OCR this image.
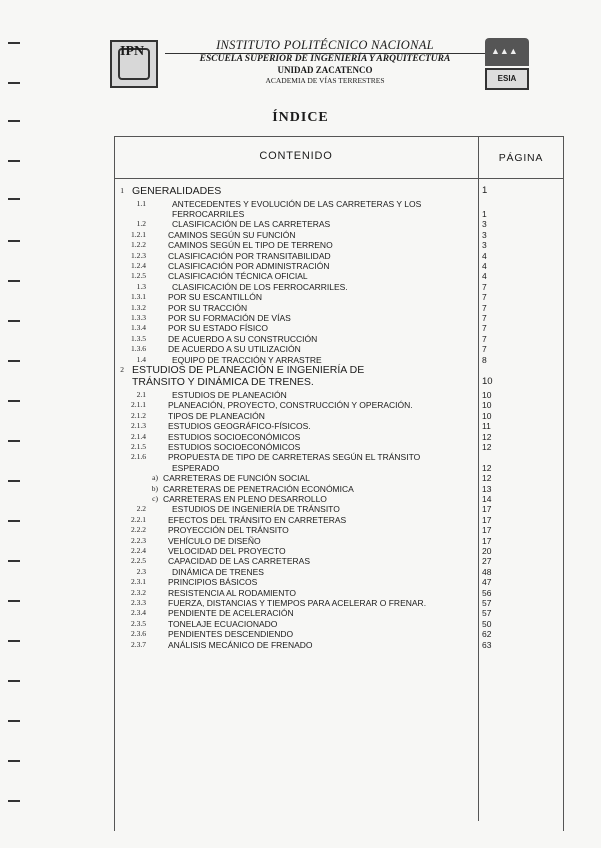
IPN	INSTITUTO POLITÉCNICO NACIONAL
ESCUELA SUPERIOR DE INGENIERÍA Y ARQUITECTURA
UNIDAD ZACATENCO
ACADEMIA DE VÍAS TERRESTRES
▲▲▲
ESIA
ÍNDICE
CONTENIDO	PÁGINA
1 GENERALIDADES	1
1.1	ANTECEDENTES Y EVOLUCIÓN DE LAS CARRETERAS Y LOS
FERROCARRILES	1
1.2	CLASIFICACIÓN DE LAS CARRETERAS	3
1.2.1	CAMINOS SEGÚN SU FUNCIÓN	3
1.2.2	CAMINOS SEGÚN EL TIPO DE TERRENO	3
1.2.3	CLASIFICACIÓN POR TRANSITABILIDAD	4
1.2.4	CLASIFICACIÓN POR ADMINISTRACIÓN	4
1.2.5	CLASIFICACIÓN TÉCNICA OFICIAL	4
1.3	CLASIFICACIÓN DE LOS FERROCARRILES.	7
1.3.1	POR SU ESCANTILLÓN	7
1.3.2	POR SU TRACCIÓN	7
1.3.3	POR SU FORMACIÓN DE VÍAS	7
1.3.4	POR SU ESTADO FÍSICO	7
1.3.5	DE ACUERDO A SU CONSTRUCCIÓN	7
1.3.6	DE ACUERDO A SU UTILIZACIÓN	7
1.4	EQUIPO DE TRACCIÓN Y ARRASTRE	8
2 ESTUDIOS DE PLANEACIÓN E INGENIERÍA DE
TRÁNSITO Y DINÁMICA DE TRENES.	10
2.1	ESTUDIOS DE PLANEACIÓN	10
2.1.1	PLANEACIÓN, PROYECTO, CONSTRUCCIÓN Y OPERACIÓN.	10
2.1.2	TIPOS DE PLANEACIÓN	10
2.1.3	ESTUDIOS GEOGRÁFICO-FÍSICOS.	11
2.1.4	ESTUDIOS SOCIOECONÓMICOS	12
2.1.5	ESTUDIOS SOCIOECONÓMICOS	12
2.1.6	PROPUESTA DE TIPO DE CARRETERAS SEGÚN EL TRÁNSITO
ESPERADO	12
a) CARRETERAS DE FUNCIÓN SOCIAL	12
b) CARRETERAS DE PENETRACIÓN ECONÓMICA	13
c) CARRETERAS EN PLENO DESARROLLO	14
2.2	ESTUDIOS DE INGENIERÍA DE TRÁNSITO	17
2.2.1	EFECTOS DEL TRÁNSITO EN CARRETERAS	17
2.2.2	PROYECCIÓN DEL TRÁNSITO	17
2.2.3	VEHÍCULO DE DISEÑO	17
2.2.4	VELOCIDAD DEL PROYECTO	20
2.2.5	CAPACIDAD DE LAS CARRETERAS	27
2.3	DINÁMICA DE TRENES	48
2.3.1	PRINCIPIOS BÁSICOS	47
2.3.2	RESISTENCIA AL RODAMIENTO	56
2.3.3	FUERZA, DISTANCIAS Y TIEMPOS PARA ACELERAR O FRENAR.	57
2.3.4	PENDIENTE DE ACELERACIÓN	57
2.3.5	TONELAJE ECUACIONADO	50
2.3.6	PENDIENTES DESCENDIENDO	62
2.3.7	ANÁLISIS MECÁNICO DE FRENADO	63
